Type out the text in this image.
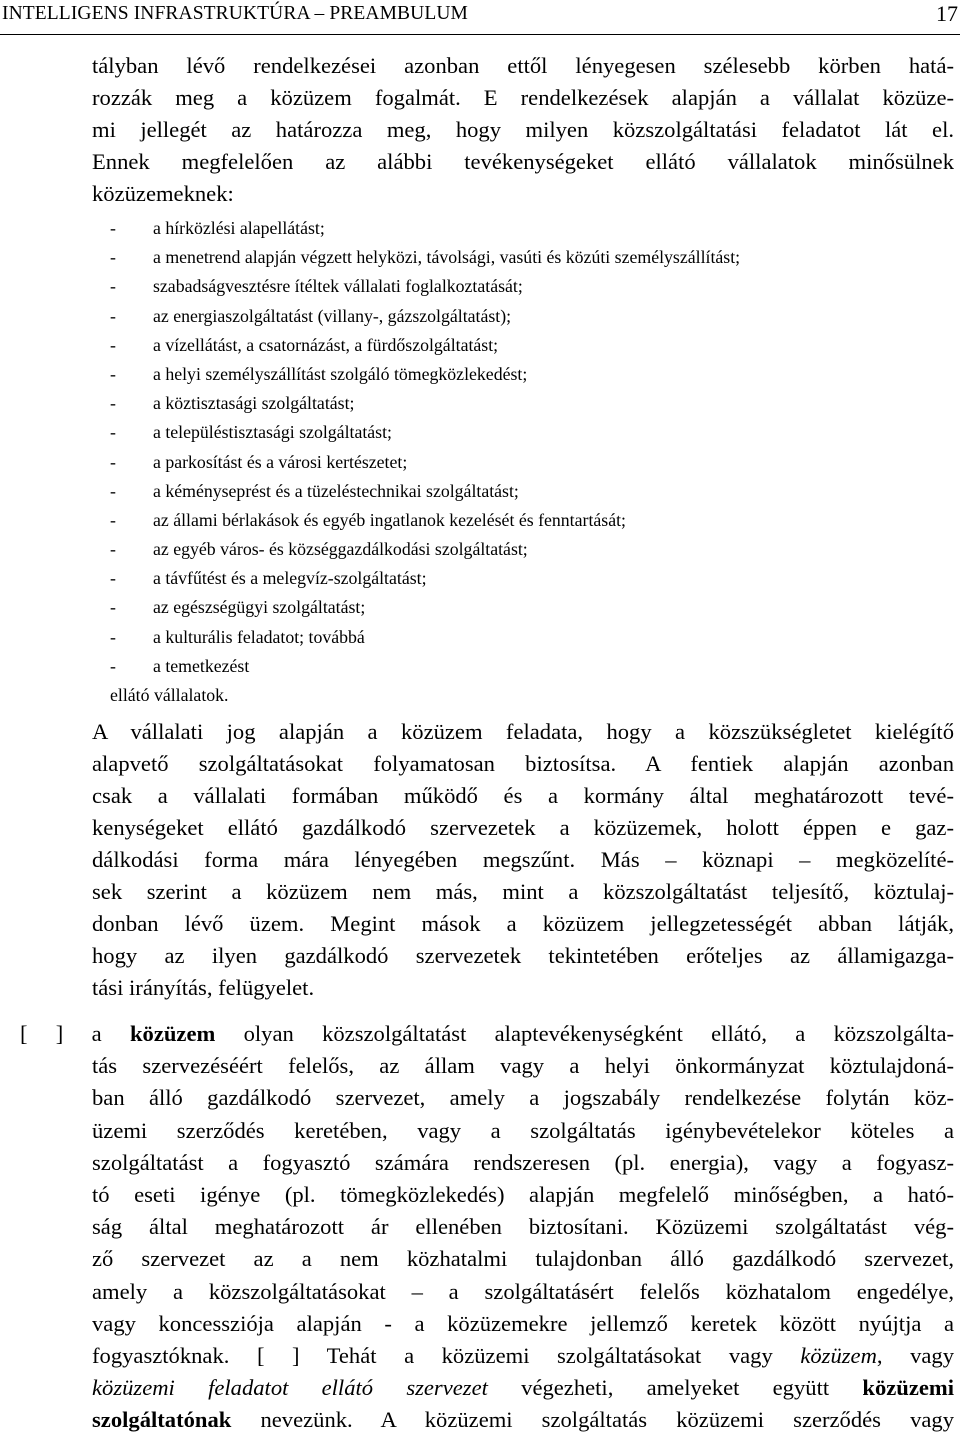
INTELLIGENS INFRASTRUKTÚRA – PREAMBULUM	17
tályban lévő rendelkezései azonban ettől lényegesen szélesebb körben hatá-
rozzák meg a közüzem fogalmát. E rendelkezések alapján a vállalat közüze-
mi jellegét az határozza meg, hogy milyen közszolgáltatási feladatot lát el.
Ennek megfelelően az alábbi tevékenységeket ellátó vállalatok minősülnek
közüzemeknek:
- a hírközlési alapellátást;
- a menetrend alapján végzett helyközi, távolsági, vasúti és közúti személyszállítást;
- szabadságvesztésre ítéltek vállalati foglalkoztatását;
- az energiaszolgáltatást (villany-, gázszolgáltatást);
- a vízellátást, a csatornázást, a fürdőszolgáltatást;
- a helyi személyszállítást szolgáló tömegközlekedést;
- a köztisztasági szolgáltatást;
- a településtisztasági szolgáltatást;
- a parkosítást és a városi kertészetet;
- a kéményseprést és a tüzeléstechnikai szolgáltatást;
- az állami bérlakások és egyéb ingatlanok kezelését és fenntartását;
- az egyéb város- és községgazdálkodási szolgáltatást;
- a távfűtést és a melegvíz-szolgáltatást;
- az egészségügyi szolgáltatást;
- a kulturális feladatot; továbbá
- a temetkezést
ellátó vállalatok.
A vállalati jog alapján a közüzem feladata, hogy a közszükségletet kielégítő
alapvető szolgáltatásokat folyamatosan biztosítsa. A fentiek alapján azonban
csak a vállalati formában működő és a kormány által meghatározott tevé-
kenységeket ellátó gazdálkodó szervezetek a közüzemek, holott éppen e gaz-
dálkodási forma mára lényegében megszűnt. Más – köznapi – megközelíté-
sek szerint a közüzem nem más, mint a közszolgáltatást teljesítő, köztulaj-
donban lévő üzem. Megint mások a közüzem jellegzetességét abban látják,
hogy az ilyen gazdálkodó szervezetek tekintetében erőteljes az államigazga-
tási irányítás, felügyelet.
[ ] a közüzem olyan közszolgáltatást alaptevékenységként ellátó, a közszolgálta-
tás szervezéséért felelős, az állam vagy a helyi önkormányzat köztulajdoná-
ban álló gazdálkodó szervezet, amely a jogszabály rendelkezése folytán köz-
üzemi szerződés keretében, vagy a szolgáltatás igénybevételekor köteles a
szolgáltatást a fogyasztó számára rendszeresen (pl. energia), vagy a fogyasz-
tó eseti igénye (pl. tömegközlekedés) alapján megfelelő minőségben, a ható-
ság által meghatározott ár ellenében biztosítani. Közüzemi szolgáltatást vég-
ző szervezet az a nem közhatalmi tulajdonban álló gazdálkodó szervezet,
amely a közszolgáltatásokat – a szolgáltatásért felelős közhatalom engedélye,
vagy koncessziója alapján - a közüzemekre jellemző keretek között nyújtja a
fogyasztóknak. [ ] Tehát a közüzemi szolgáltatásokat vagy közüzem, vagy
közüzemi feladatot ellátó szervezet végezheti, amelyeket együtt közüzemi
szolgáltatónak nevezünk. A közüzemi szolgáltatás közüzemi szerződés vagy
